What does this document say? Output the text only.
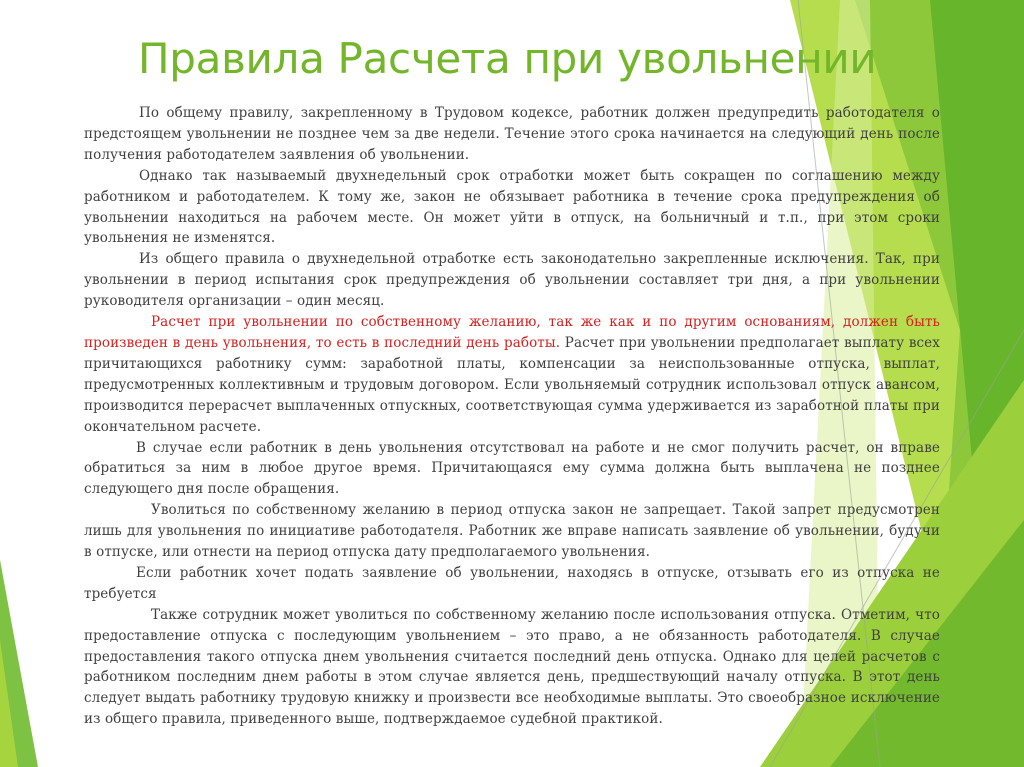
Правила Расчета при увольнении

По общему правилу, закрепленному в Трудовом кодексе, работник должен предупредить работодателя о предстоящем увольнении не позднее чем за две недели. Течение этого срока начинается на следующий день после получения работодателем заявления об увольнении.

Однако так называемый двухнедельный срок отработки может быть сокращен по соглашению между работником и работодателем. К тому же, закон не обязывает работника в течение срока предупреждения об увольнении находиться на рабочем месте. Он может уйти в отпуск, на больничный и т.п., при этом сроки увольнения не изменятся.

Из общего правила о двухнедельной отработке есть законодательно закрепленные исключения. Так, при увольнении в период испытания срок предупреждения об увольнении составляет три дня, а при увольнении руководителя организации – один месяц.

Расчет при увольнении по собственному желанию, так же как и по другим основаниям, должен быть произведен в день увольнения, то есть в последний день работы. Расчет при увольнении предполагает выплату всех причитающихся работнику сумм: заработной платы, компенсации за неиспользованные отпуска, выплат, предусмотренных коллективным и трудовым договором. Если увольняемый сотрудник использовал отпуск авансом, производится перерасчет выплаченных отпускных, соответствующая сумма удерживается из заработной платы при окончательном расчете.

В случае если работник в день увольнения отсутствовал на работе и не смог получить расчет, он вправе обратиться за ним в любое другое время. Причитающаяся ему сумма должна быть выплачена не позднее следующего дня после обращения.

Уволиться по собственному желанию в период отпуска закон не запрещает. Такой запрет предусмотрен лишь для увольнения по инициативе работодателя. Работник же вправе написать заявление об увольнении, будучи в отпуске, или отнести на период отпуска дату предполагаемого увольнения.

Если работник хочет подать заявление об увольнении, находясь в отпуске, отзывать его из отпуска не требуется

Также сотрудник может уволиться по собственному желанию после использования отпуска. Отметим, что предоставление отпуска с последующим увольнением – это право, а не обязанность работодателя. В случае предоставления такого отпуска днем увольнения считается последний день отпуска. Однако для целей расчетов с работником последним днем работы в этом случае является день, предшествующий началу отпуска. В этот день следует выдать работнику трудовую книжку и произвести все необходимые выплаты. Это своеобразное исключение из общего правила, приведенного выше, подтверждаемое судебной практикой.
